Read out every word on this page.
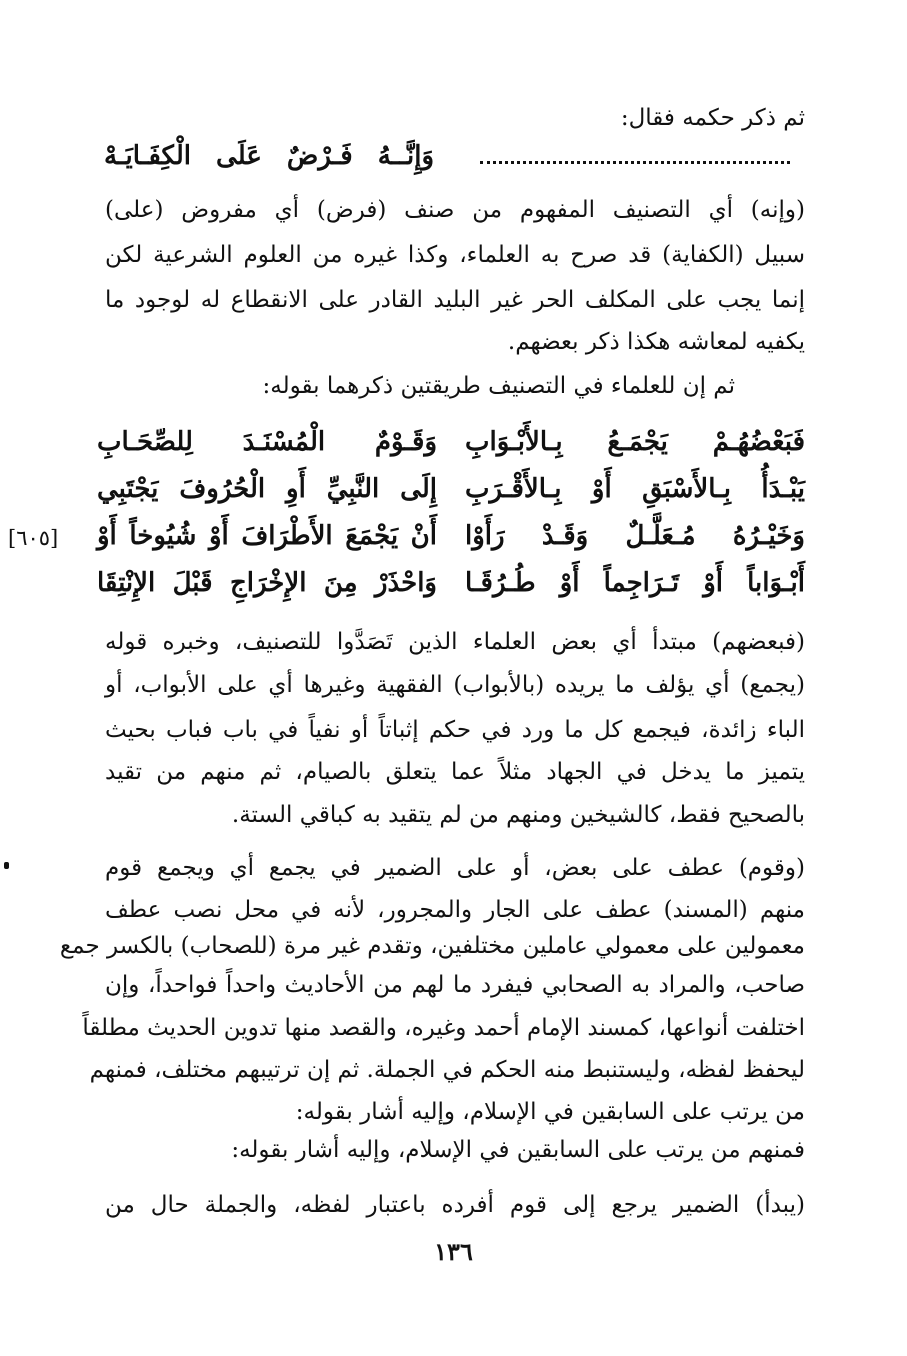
ثم ذكر حكمه فقال:
وَإِنَّــهُ فَـرْضٌ عَلَى الْكِفَـايَـهْ
(وإنه) أي التصنيف المفهوم من صنف (فرض) أي مفروض (على)
سبيل (الكفاية) قد صرح به العلماء، وكذا غيره من العلوم الشرعية لكن
إنما يجب على المكلف الحر غير البليد القادر على الانقطاع له لوجود ما
يكفيه لمعاشه هكذا ذكر بعضهم.
ثم إن للعلماء في التصنيف طريقتين ذكرهما بقوله:
فَبَعْضُهُـمْ يَجْمَـعُ بِـالأَبْـوَابِ
وَقَـوْمٌ الْمُسْنَـدَ لِلصِّحَـابِ
يَبْـدَأُ بِـالأَسْبَقِ أَوْ بِـالأَقْـرَبِ
إِلَى النَّبِيِّ أَوِ الْحُرُوفَ يَجْتَبِي
وَخَيْـرُهُ مُـعَلَّـلٌ وَقَـدْ رَأَوْا
أَنْ يَجْمَعَ الأَطْرَافَ أَوْ شُيُوخاً أَوْ
أَبْـوَاباً أَوْ تَـرَاجِماً أَوْ طُـرُقَـا
وَاحْذَرْ مِنَ الإِخْرَاجِ قَبْلَ الإِنْتِقَا
[٦٠٥]
(فبعضهم) مبتدأ أي بعض العلماء الذين تَصَدَّوا للتصنيف، وخبره قوله
(يجمع) أي يؤلف ما يريده (بالأبواب) الفقهية وغيرها أي على الأبواب، أو
الباء زائدة، فيجمع كل ما ورد في حكم إثباتاً أو نفياً في باب فباب بحيث
يتميز ما يدخل في الجهاد مثلاً عما يتعلق بالصيام، ثم منهم من تقيد
بالصحيح فقط، كالشيخين ومنهم من لم يتقيد به كباقي الستة.
(وقوم) عطف على بعض، أو على الضمير في يجمع أي ويجمع قوم
منهم (المسند) عطف على الجار والمجرور، لأنه في محل نصب عطف
معمولين على معمولي عاملين مختلفين، وتقدم غير مرة (للصحاب) بالكسر جمع
صاحب، والمراد به الصحابي فيفرد ما لهم من الأحاديث واحداً فواحداً، وإن
اختلفت أنواعها، كمسند الإمام أحمد وغيره، والقصد منها تدوين الحديث مطلقاً
ليحفظ لفظه، وليستنبط منه الحكم في الجملة. ثم إن ترتيبهم مختلف، فمنهم
من يرتب على السابقين في الإسلام، وإليه أشار بقوله:
فمنهم من يرتب على السابقين في الإسلام، وإليه أشار بقوله:
(يبدأ) الضمير يرجع إلى قوم أفرده باعتبار لفظه، والجملة حال من
١٣٦
